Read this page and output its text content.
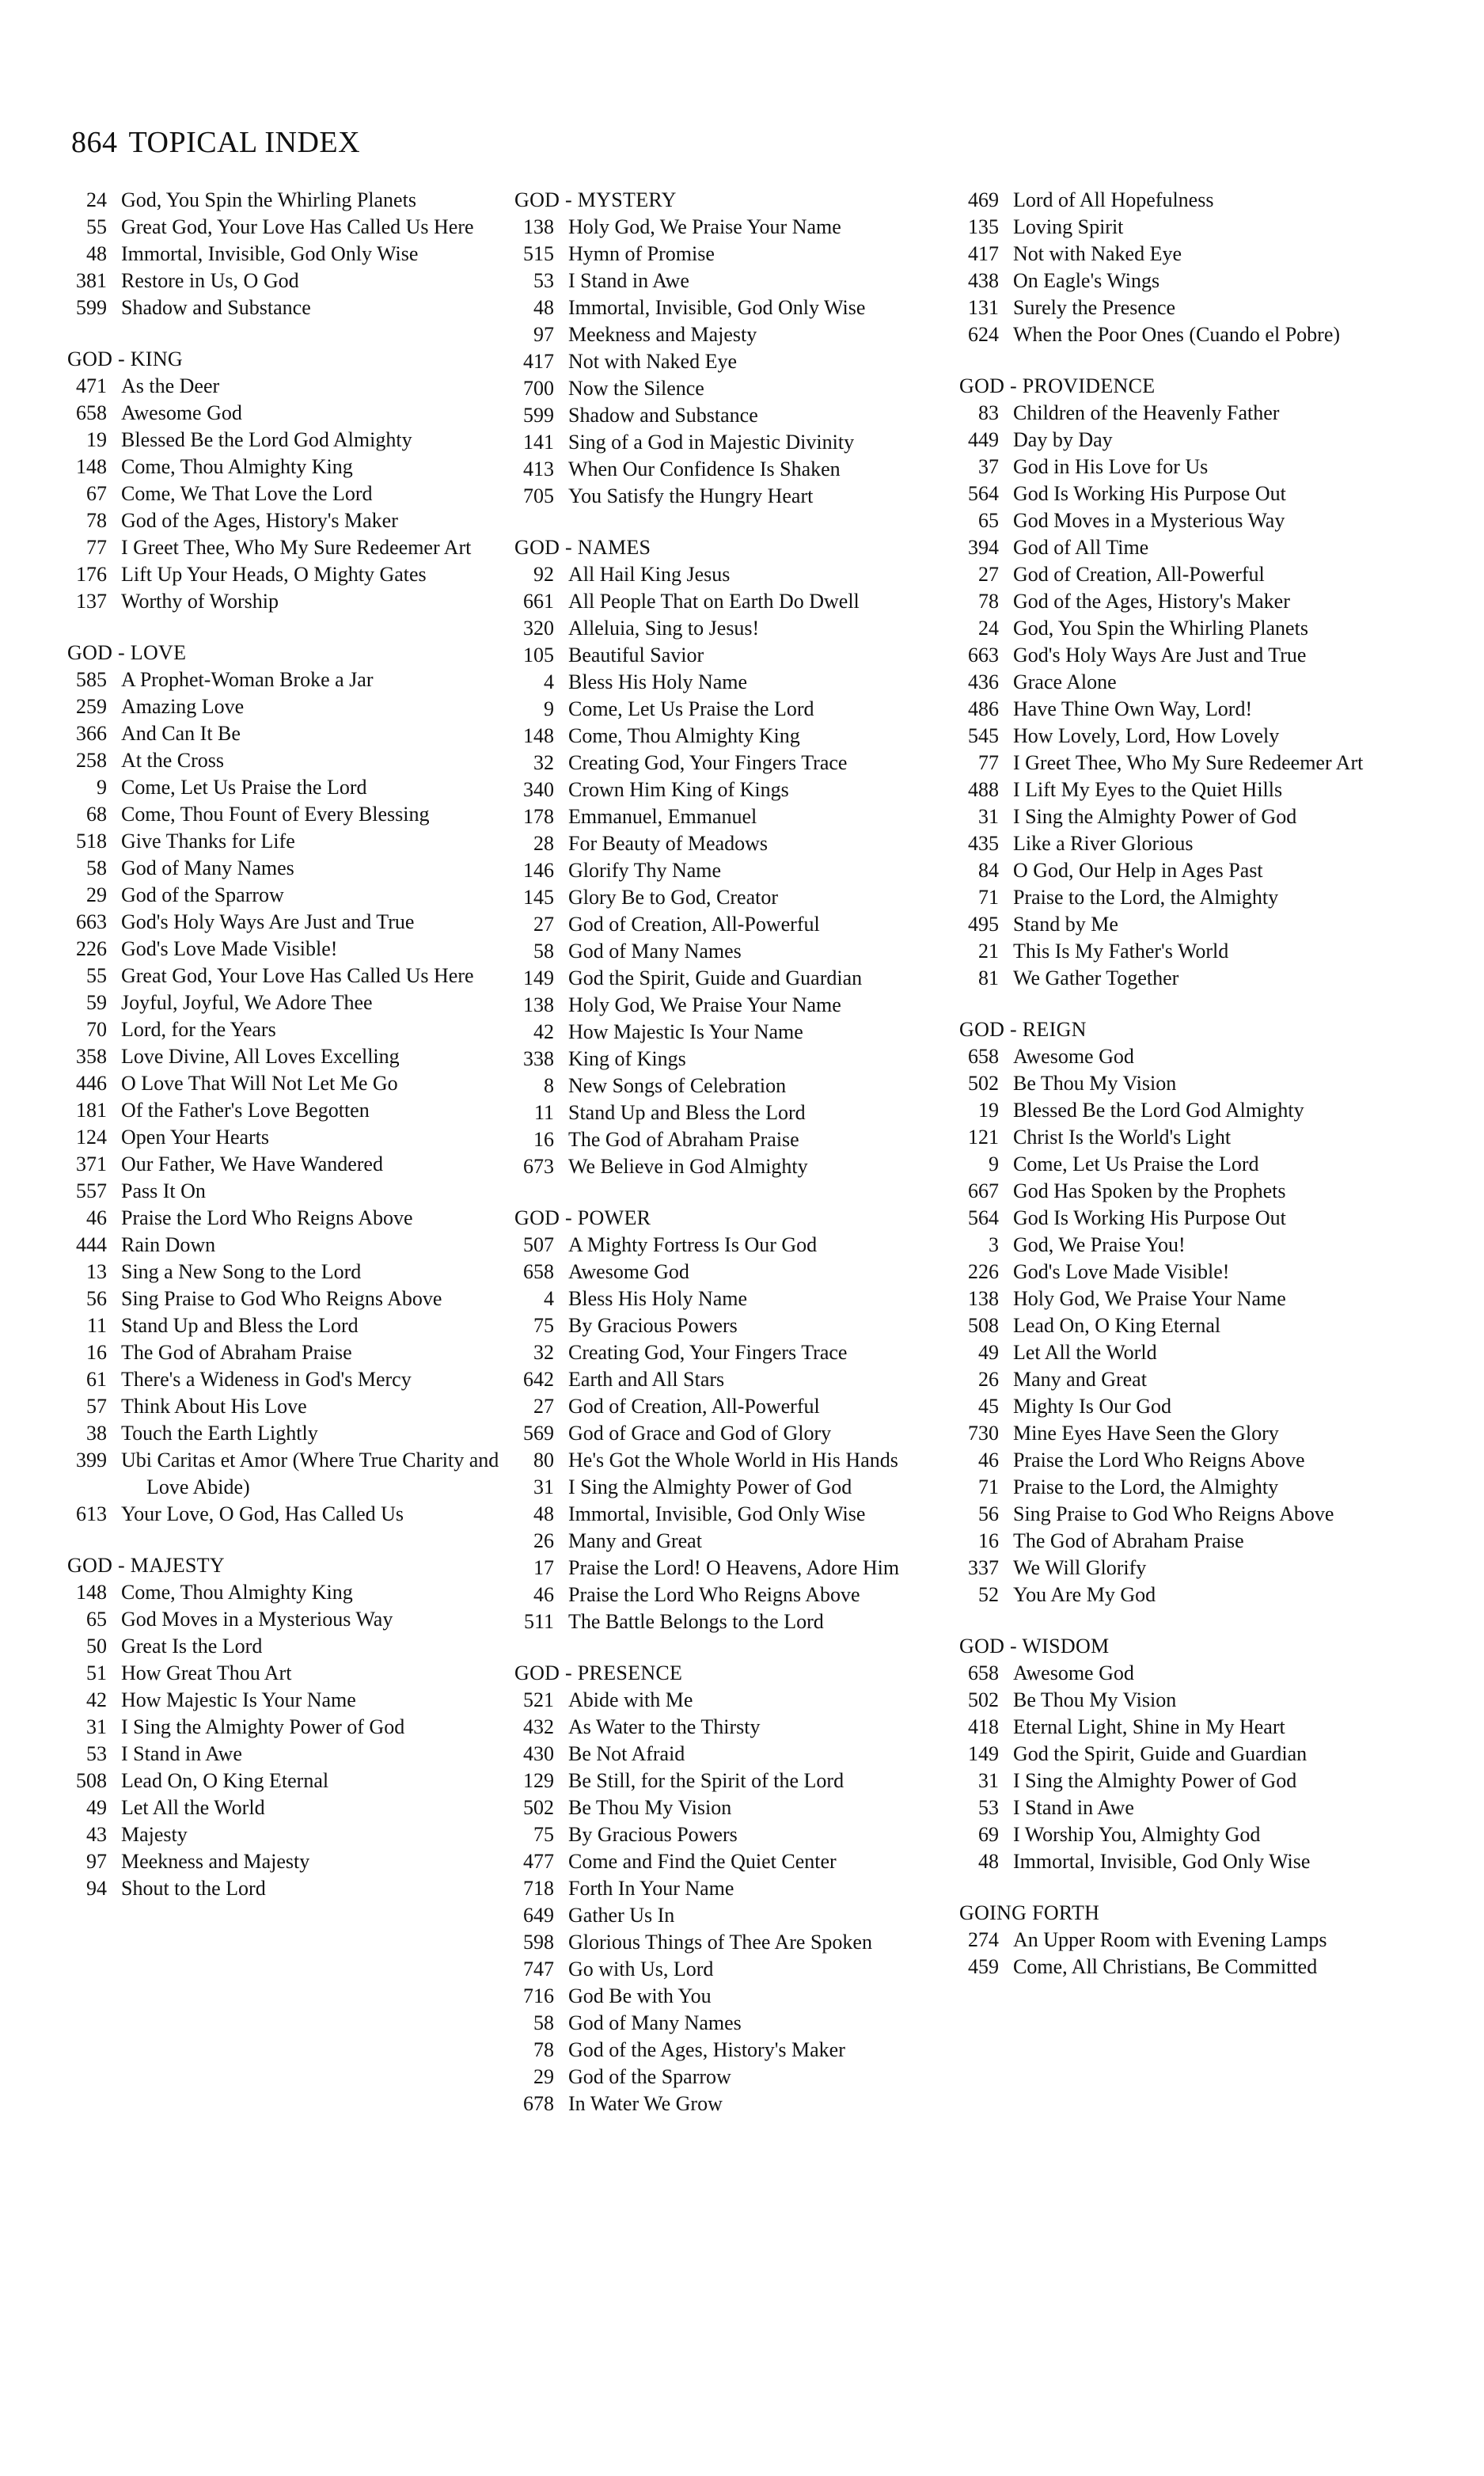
864 TOPICAL INDEX
24 God, You Spin the Whirling Planets
55 Great God, Your Love Has Called Us Here
48 Immortal, Invisible, God Only Wise
381 Restore in Us, O God
599 Shadow and Substance
GOD - KING
471 As the Deer
658 Awesome God
19 Blessed Be the Lord God Almighty
148 Come, Thou Almighty King
67 Come, We That Love the Lord
78 God of the Ages, History's Maker
77 I Greet Thee, Who My Sure Redeemer Art
176 Lift Up Your Heads, O Mighty Gates
137 Worthy of Worship
GOD - LOVE
585 A Prophet-Woman Broke a Jar
259 Amazing Love
366 And Can It Be
258 At the Cross
9 Come, Let Us Praise the Lord
68 Come, Thou Fount of Every Blessing
518 Give Thanks for Life
58 God of Many Names
29 God of the Sparrow
663 God's Holy Ways Are Just and True
226 God's Love Made Visible!
55 Great God, Your Love Has Called Us Here
59 Joyful, Joyful, We Adore Thee
70 Lord, for the Years
358 Love Divine, All Loves Excelling
446 O Love That Will Not Let Me Go
181 Of the Father's Love Begotten
124 Open Your Hearts
371 Our Father, We Have Wandered
557 Pass It On
46 Praise the Lord Who Reigns Above
444 Rain Down
13 Sing a New Song to the Lord
56 Sing Praise to God Who Reigns Above
11 Stand Up and Bless the Lord
16 The God of Abraham Praise
61 There's a Wideness in God's Mercy
57 Think About His Love
38 Touch the Earth Lightly
399 Ubi Caritas et Amor (Where True Charity and Love Abide)
613 Your Love, O God, Has Called Us
GOD - MAJESTY
148 Come, Thou Almighty King
65 God Moves in a Mysterious Way
50 Great Is the Lord
51 How Great Thou Art
42 How Majestic Is Your Name
31 I Sing the Almighty Power of God
53 I Stand in Awe
508 Lead On, O King Eternal
49 Let All the World
43 Majesty
97 Meekness and Majesty
94 Shout to the Lord
GOD - MYSTERY
138 Holy God, We Praise Your Name
515 Hymn of Promise
53 I Stand in Awe
48 Immortal, Invisible, God Only Wise
97 Meekness and Majesty
417 Not with Naked Eye
700 Now the Silence
599 Shadow and Substance
141 Sing of a God in Majestic Divinity
413 When Our Confidence Is Shaken
705 You Satisfy the Hungry Heart
GOD - NAMES
92 All Hail King Jesus
661 All People That on Earth Do Dwell
320 Alleluia, Sing to Jesus!
105 Beautiful Savior
4 Bless His Holy Name
9 Come, Let Us Praise the Lord
148 Come, Thou Almighty King
32 Creating God, Your Fingers Trace
340 Crown Him King of Kings
178 Emmanuel, Emmanuel
28 For Beauty of Meadows
146 Glorify Thy Name
145 Glory Be to God, Creator
27 God of Creation, All-Powerful
58 God of Many Names
149 God the Spirit, Guide and Guardian
138 Holy God, We Praise Your Name
42 How Majestic Is Your Name
338 King of Kings
8 New Songs of Celebration
11 Stand Up and Bless the Lord
16 The God of Abraham Praise
673 We Believe in God Almighty
GOD - POWER
507 A Mighty Fortress Is Our God
658 Awesome God
4 Bless His Holy Name
75 By Gracious Powers
32 Creating God, Your Fingers Trace
642 Earth and All Stars
27 God of Creation, All-Powerful
569 God of Grace and God of Glory
80 He's Got the Whole World in His Hands
31 I Sing the Almighty Power of God
48 Immortal, Invisible, God Only Wise
26 Many and Great
17 Praise the Lord! O Heavens, Adore Him
46 Praise the Lord Who Reigns Above
511 The Battle Belongs to the Lord
GOD - PRESENCE
521 Abide with Me
432 As Water to the Thirsty
430 Be Not Afraid
129 Be Still, for the Spirit of the Lord
502 Be Thou My Vision
75 By Gracious Powers
477 Come and Find the Quiet Center
718 Forth In Your Name
649 Gather Us In
598 Glorious Things of Thee Are Spoken
747 Go with Us, Lord
716 God Be with You
58 God of Many Names
78 God of the Ages, History's Maker
29 God of the Sparrow
678 In Water We Grow
469 Lord of All Hopefulness
135 Loving Spirit
417 Not with Naked Eye
438 On Eagle's Wings
131 Surely the Presence
624 When the Poor Ones (Cuando el Pobre)
GOD - PROVIDENCE
83 Children of the Heavenly Father
449 Day by Day
37 God in His Love for Us
564 God Is Working His Purpose Out
65 God Moves in a Mysterious Way
394 God of All Time
27 God of Creation, All-Powerful
78 God of the Ages, History's Maker
24 God, You Spin the Whirling Planets
663 God's Holy Ways Are Just and True
436 Grace Alone
486 Have Thine Own Way, Lord!
545 How Lovely, Lord, How Lovely
77 I Greet Thee, Who My Sure Redeemer Art
488 I Lift My Eyes to the Quiet Hills
31 I Sing the Almighty Power of God
435 Like a River Glorious
84 O God, Our Help in Ages Past
71 Praise to the Lord, the Almighty
495 Stand by Me
21 This Is My Father's World
81 We Gather Together
GOD - REIGN
658 Awesome God
502 Be Thou My Vision
19 Blessed Be the Lord God Almighty
121 Christ Is the World's Light
9 Come, Let Us Praise the Lord
667 God Has Spoken by the Prophets
564 God Is Working His Purpose Out
3 God, We Praise You!
226 God's Love Made Visible!
138 Holy God, We Praise Your Name
508 Lead On, O King Eternal
49 Let All the World
26 Many and Great
45 Mighty Is Our God
730 Mine Eyes Have Seen the Glory
46 Praise the Lord Who Reigns Above
71 Praise to the Lord, the Almighty
56 Sing Praise to God Who Reigns Above
16 The God of Abraham Praise
337 We Will Glorify
52 You Are My God
GOD - WISDOM
658 Awesome God
502 Be Thou My Vision
418 Eternal Light, Shine in My Heart
149 God the Spirit, Guide and Guardian
31 I Sing the Almighty Power of God
53 I Stand in Awe
69 I Worship You, Almighty God
48 Immortal, Invisible, God Only Wise
GOING FORTH
274 An Upper Room with Evening Lamps
459 Come, All Christians, Be Committed
